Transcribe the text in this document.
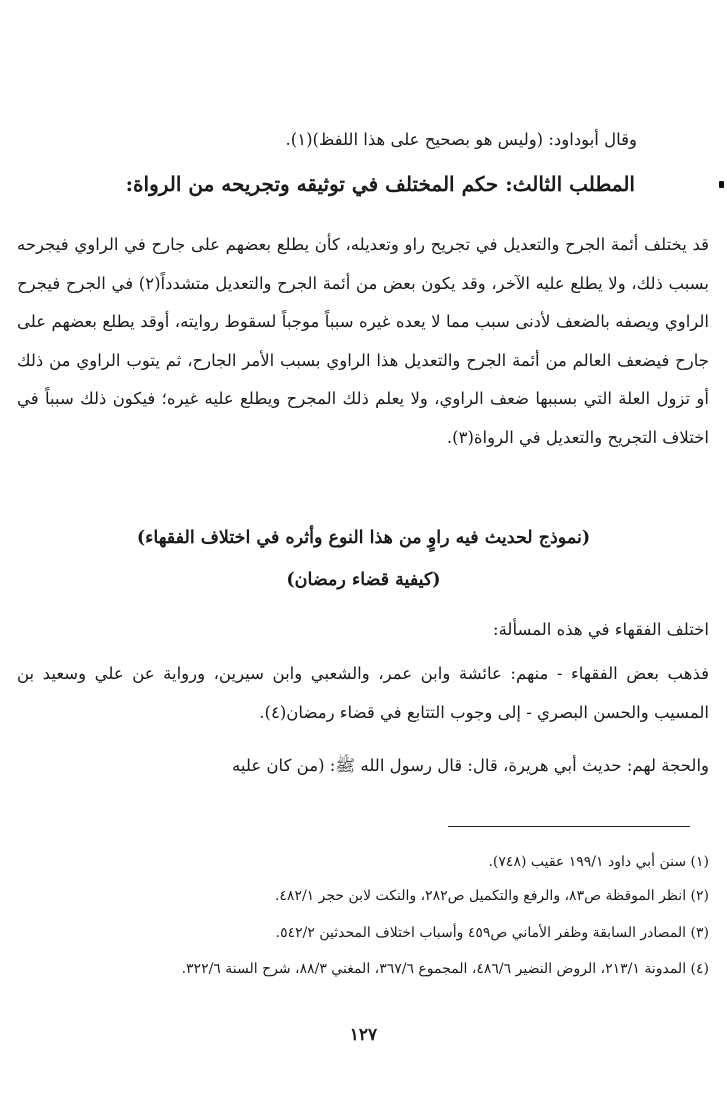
وقال أبوداود: (وليس هو بصحيح على هذا اللفظ)(١).
المطلب الثالث: حكم المختلف في توثيقه وتجريحه من الرواة:

قد يختلف أئمة الجرح والتعديل في تجريح راو وتعديله، كأن يطلع بعضهم على جارح في الراوي فيجرحه بسبب ذلك، ولا يطلع عليه الآخر، وقد يكون بعض من أئمة الجرح والتعديل متشدداً(٢) في الجرح فيجرح الراوي ويصفه بالضعف لأدنى سبب مما لا يعده غيره سبباً موجباً لسقوط روايته، أوقد يطلع بعضهم على جارح فيضعف العالم من أئمة الجرح والتعديل هذا الراوي بسبب الأمر الجارح، ثم يتوب الراوي من ذلك أو تزول العلة التي بسببها ضعف الراوي، ولا يعلم ذلك المجرح ويطلع عليه غيره؛ فيكون ذلك سبباً في اختلاف التجريح والتعديل في الرواة(٣).

(نموذج لحديث فيه راوٍ من هذا النوع وأثره في اختلاف الفقهاء)
(كيفية قضاء رمضان)
اختلف الفقهاء في هذه المسألة:

فذهب بعض الفقهاء - منهم: عائشة وابن عمر، والشعبي وابن سيرين، ورواية عن علي وسعيد بن المسيب والحسن البصري - إلى وجوب التتابع في قضاء رمضان(٤).

والحجة لهم: حديث أبي هريرة، قال: قال رسول الله ﷺ: (من كان عليه
(١) سنن أبي داود ١٩٩/١ عقيب (٧٤٨).
(٢) انظر الموقظة ص٨٣، والرفع والتكميل ص٢٨٢، والنكت لابن حجر ٤٨٢/١.
(٣) المصادر السابقة وظفر الأماني ص٤٥٩ وأسباب اختلاف المحدثين ٥٤٢/٢.
(٤) المدونة ٢١٣/١، الروض النضير ٤٨٦/٦، المجموع ٣٦٧/٦، المغني ٨٨/٣، شرح السنة ٣٢٢/٦.
١٢٧
